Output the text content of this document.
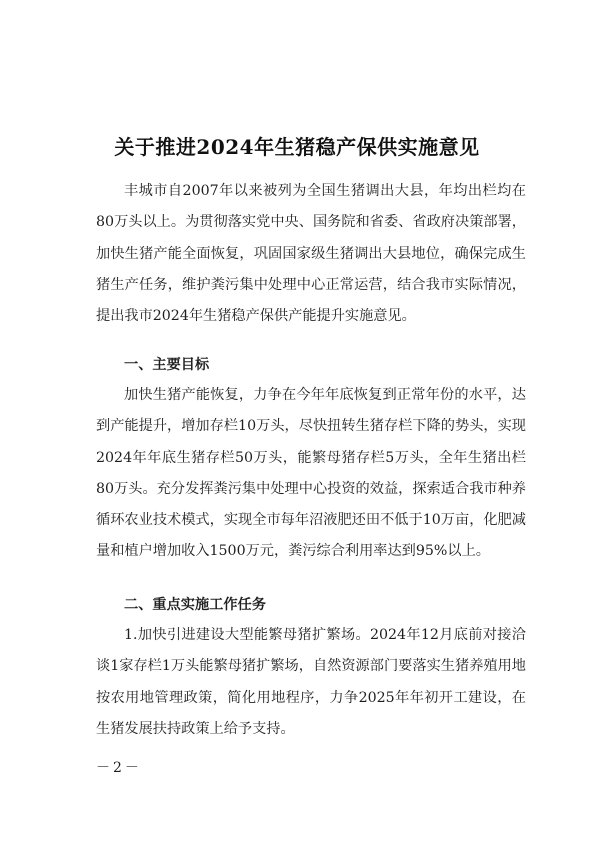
关于推进2024年生猪稳产保供实施意见

丰城市自2007年以来被列为全国生猪调出大县，年均出栏均在80万头以上。为贯彻落实党中央、国务院和省委、省政府决策部署，加快生猪产能全面恢复，巩固国家级生猪调出大县地位，确保完成生猪生产任务，维护粪污集中处理中心正常运营，结合我市实际情况，提出我市2024年生猪稳产保供产能提升实施意见。

一、主要目标

加快生猪产能恢复，力争在今年年底恢复到正常年份的水平，达到产能提升，增加存栏10万头，尽快扭转生猪存栏下降的势头，实现2024年年底生猪存栏50万头，能繁母猪存栏5万头，全年生猪出栏80万头。充分发挥粪污集中处理中心投资的效益，探索适合我市种养循环农业技术模式，实现全市每年沼液肥还田不低于10万亩，化肥减量和植户增加收入1500万元，粪污综合利用率达到95%以上。

二、重点实施工作任务

1.加快引进建设大型能繁母猪扩繁场。2024年12月底前对接洽谈1家存栏1万头能繁母猪扩繁场，自然资源部门要落实生猪养殖用地按农用地管理政策，简化用地程序，力争2025年年初开工建设，在生猪发展扶持政策上给予支持。

－2－
